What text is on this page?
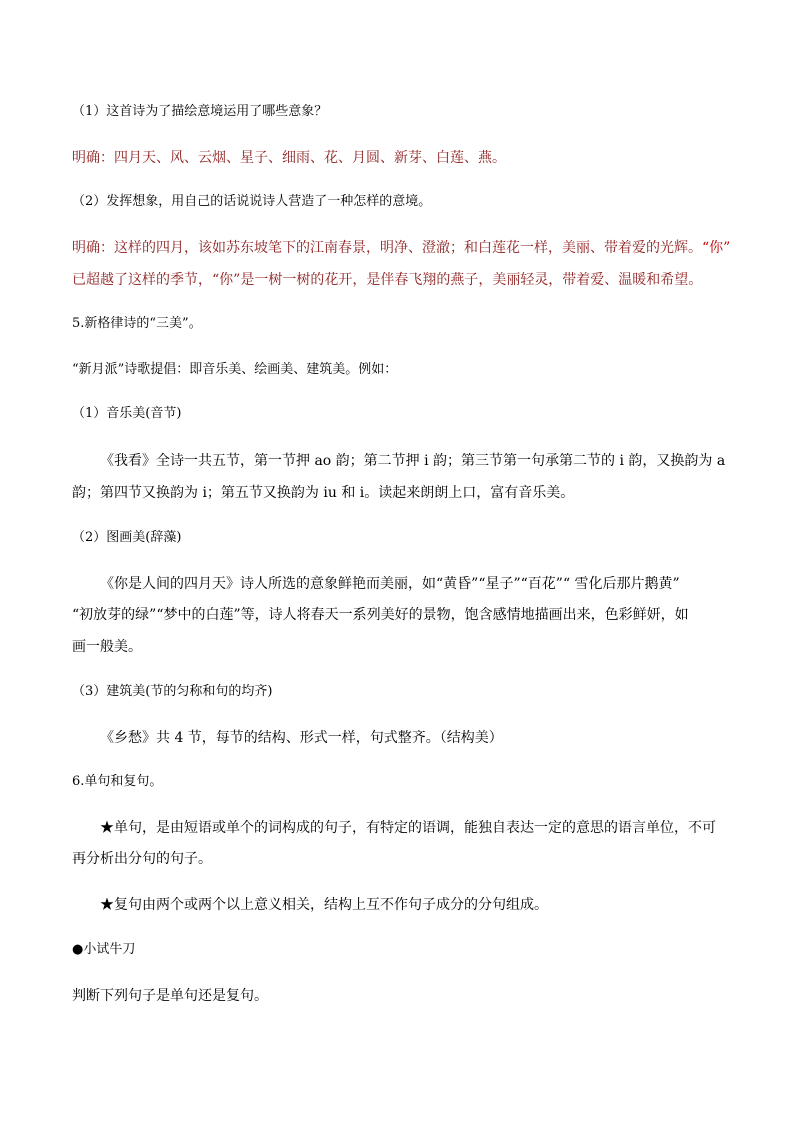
（1）这首诗为了描绘意境运用了哪些意象？
明确：四月天、风、云烟、星子、细雨、花、月圆、新芽、白莲、燕。
（2）发挥想象，用自己的话说说诗人营造了一种怎样的意境。
明确：这样的四月，该如苏东坡笔下的江南春景，明净、澄澈；和白莲花一样，美丽、带着爱的光辉。“你”
已超越了这样的季节，“你”是一树一树的花开，是伴春飞翔的燕子，美丽轻灵，带着爱、温暖和希望。
5.新格律诗的“三美”。
“新月派”诗歌提倡：即音乐美、绘画美、建筑美。例如：
（1）音乐美(音节)
《我看》全诗一共五节，第一节押 ao 韵；第二节押 i 韵；第三节第一句承第二节的 i 韵，又换韵为 a
韵；第四节又换韵为 i；第五节又换韵为 iu 和 i。读起来朗朗上口，富有音乐美。
（2）图画美(辞藻)
《你是人间的四月天》诗人所选的意象鲜艳而美丽，如“黄昏”“星子”“百花”“ 雪化后那片鹅黄”
“初放芽的绿”“梦中的白莲”等，诗人将春天一系列美好的景物，饱含感情地描画出来，色彩鲜妍，如
画一般美。
（3）建筑美(节的匀称和句的均齐)
《乡愁》共 4 节，每节的结构、形式一样，句式整齐。（结构美）
6.单句和复句。
★单句，是由短语或单个的词构成的句子，有特定的语调，能独自表达一定的意思的语言单位，不可
再分析出分句的句子。
★复句由两个或两个以上意义相关，结构上互不作句子成分的分句组成。
●小试牛刀
判断下列句子是单句还是复句。
